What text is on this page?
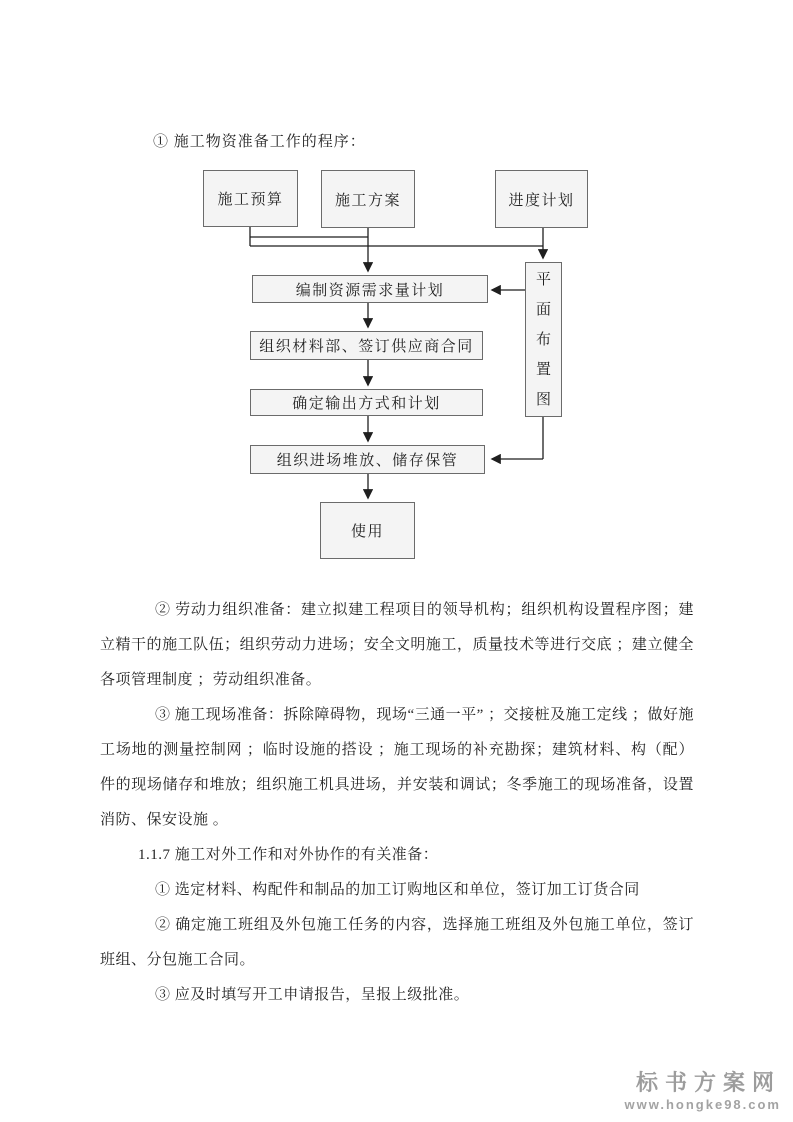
① 施工物资准备工作的程序：
施工预算	施工方案	进度计划
编制资源需求量计划
组织材料部、签订供应商合同
确定输出方式和计划
组织进场堆放、储存保管
使用
平面布置图

② 劳动力组织准备：建立拟建工程项目的领导机构；组织机构设置程序图；建立精干的施工队伍；组织劳动力进场；安全文明施工，质量技术等进行交底 ；建立健全各项管理制度 ；劳动组织准备。

③ 施工现场准备：拆除障碍物，现场“三通一平” ；交接桩及施工定线 ；做好施工场地的测量控制网 ；临时设施的搭设 ；施工现场的补充勘探；建筑材料、构（配）件的现场储存和堆放；组织施工机具进场，并安装和调试；冬季施工的现场准备，设置消防、保安设施 。

1.1.7 施工对外工作和对外协作的有关准备：

① 选定材料、构配件和制品的加工订购地区和单位，签订加工订货合同

② 确定施工班组及外包施工任务的内容，选择施工班组及外包施工单位，签订班组、分包施工合同。

③ 应及时填写开工申请报告，呈报上级批准。

标书方案网
www.hongke98.com
